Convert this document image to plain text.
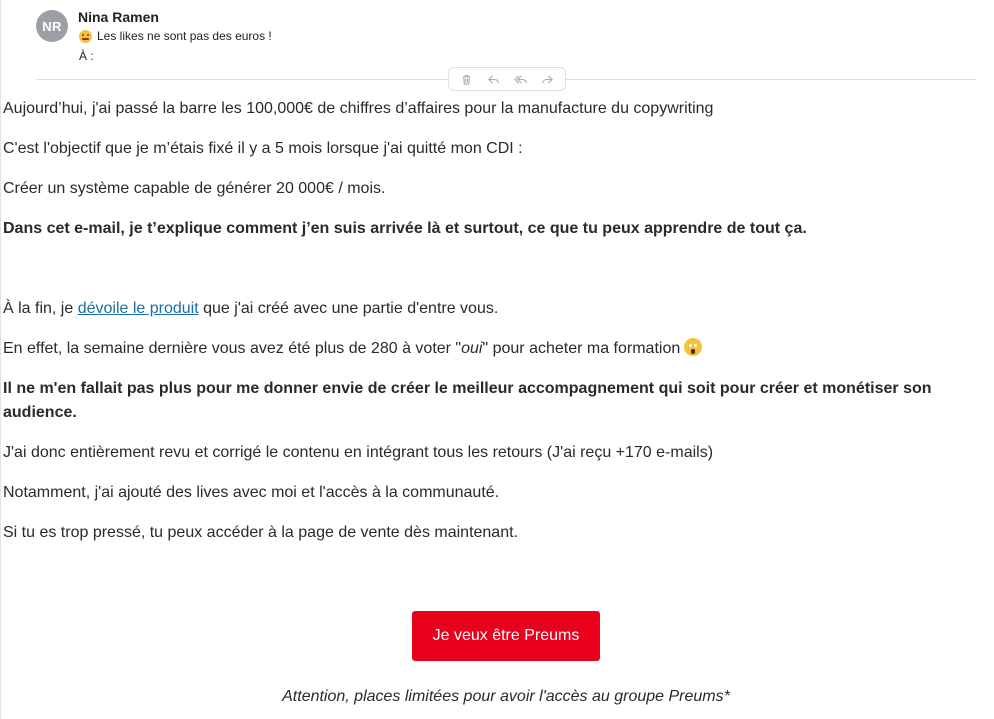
NR
Nina Ramen
Les likes ne sont pas des euros !
À :
Aujourd’hui, j'ai passé la barre les 100,000€ de chiffres d’affaires pour la manufacture du copywriting
C'est l'objectif que je m’étais fixé il y a 5 mois lorsque j'ai quitté mon CDI :
Créer un système capable de générer 20 000€ / mois.
Dans cet e-mail, je t’explique comment j’en suis arrivée là et surtout, ce que tu peux apprendre de tout ça.
À la fin, je dévoile le produit que j'ai créé avec une partie d'entre vous.
En effet, la semaine dernière vous avez été plus de 280 à voter "oui" pour acheter ma formation
Il ne m'en fallait pas plus pour me donner envie de créer le meilleur accompagnement qui soit pour créer et monétiser son audience.
J'ai donc entièrement revu et corrigé le contenu en intégrant tous les retours (J'ai reçu +170 e-mails)
Notamment, j'ai ajouté des lives avec moi et l'accès à la communauté.
Si tu es trop pressé, tu peux accéder à la page de vente dès maintenant.
Je veux être Preums
Attention, places limitées pour avoir l'accès au groupe Preums*
